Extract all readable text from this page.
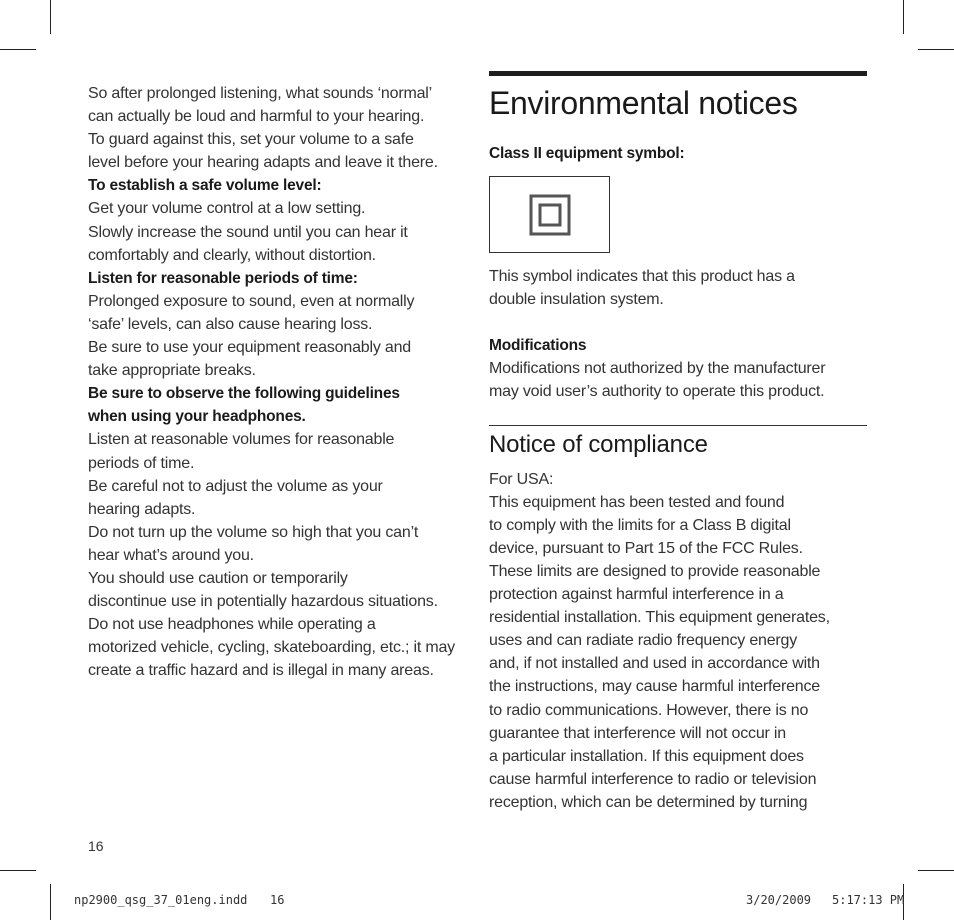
So after prolonged listening, what sounds ‘normal’
can actually be loud and harmful to your hearing.
To guard against this, set your volume to a safe
level before your hearing adapts and leave it there.
To establish a safe volume level:
Get your volume control at a low setting.
Slowly increase the sound until you can hear it
comfortably and clearly, without distortion.
Listen for reasonable periods of time:
Prolonged exposure to sound, even at normally
‘safe’ levels, can also cause hearing loss.
Be sure to use your equipment reasonably and
take appropriate breaks.
Be sure to observe the following guidelines
when using your headphones.
Listen at reasonable volumes for reasonable
periods of time.
Be careful not to adjust the volume as your
hearing adapts.
Do not turn up the volume so high that you can’t
hear what’s around you.
You should use caution or temporarily
discontinue use in potentially hazardous situations.
Do not use headphones while operating a
motorized vehicle, cycling, skateboarding, etc.; it may
create a traffic hazard and is illegal in many areas.
Environmental notices
Class II equipment symbol:
This symbol indicates that this product has a
double insulation system.
Modifications
Modifications not authorized by the manufacturer
may void user’s authority to operate this product.
Notice of compliance
For USA:
This equipment has been tested and found
to comply with the limits for a Class B digital
device, pursuant to Part 15 of the FCC Rules.
These limits are designed to provide reasonable
protection against harmful interference in a
residential installation. This equipment generates,
uses and can radiate radio frequency energy
and, if not installed and used in accordance with
the instructions, may cause harmful interference
to radio communications. However, there is no
guarantee that interference will not occur in
a particular installation. If this equipment does
cause harmful interference to radio or television
reception, which can be determined by turning
16
np2900_qsg_37_01eng.indd 16	3/20/2009 5:17:13 PM
